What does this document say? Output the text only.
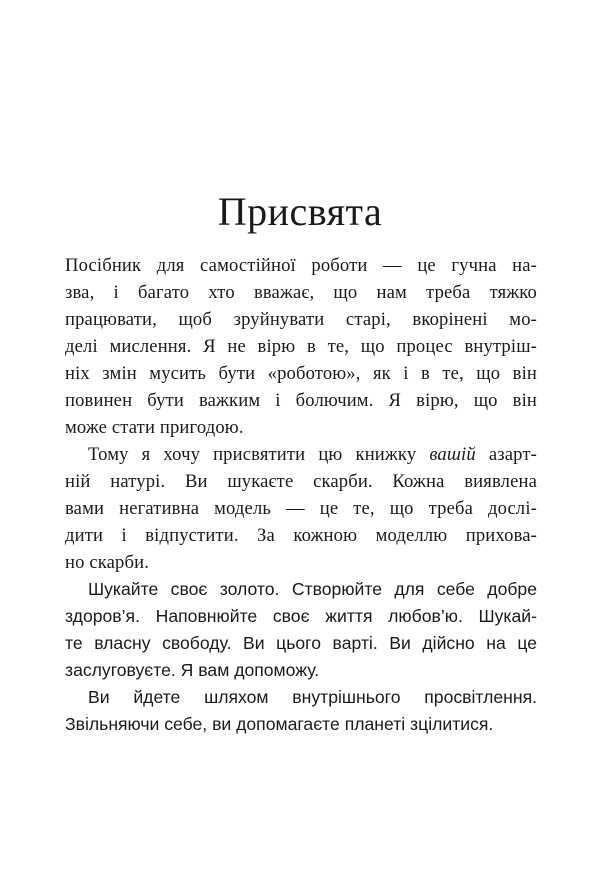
Присвята
Посібник для самостійної роботи — це гучна на-
зва, і багато хто вважає, що нам треба тяжко
працювати, щоб зруйнувати старі, вкорінені мо-
делі мислення. Я не вірю в те, що процес внутріш-
ніх змін мусить бути «роботою», як і в те, що він
повинен бути важким і болючим. Я вірю, що він
може стати пригодою.
Тому я хочу присвятити цю книжку вашій азарт-
ній натурі. Ви шукаєте скарби. Кожна виявлена
вами негативна модель — це те, що треба дослі-
дити і відпустити. За кожною моделлю прихова-
но скарби.
Шукайте своє золото. Створюйте для себе добре
здоров’я. Наповнюйте своє життя любов’ю. Шукай-
те власну свободу. Ви цього варті. Ви дійсно на це
заслуговуєте. Я вам допоможу.
Ви йдете шляхом внутрішнього просвітлення.
Звільняючи себе, ви допомагаєте планеті зцілитися.
